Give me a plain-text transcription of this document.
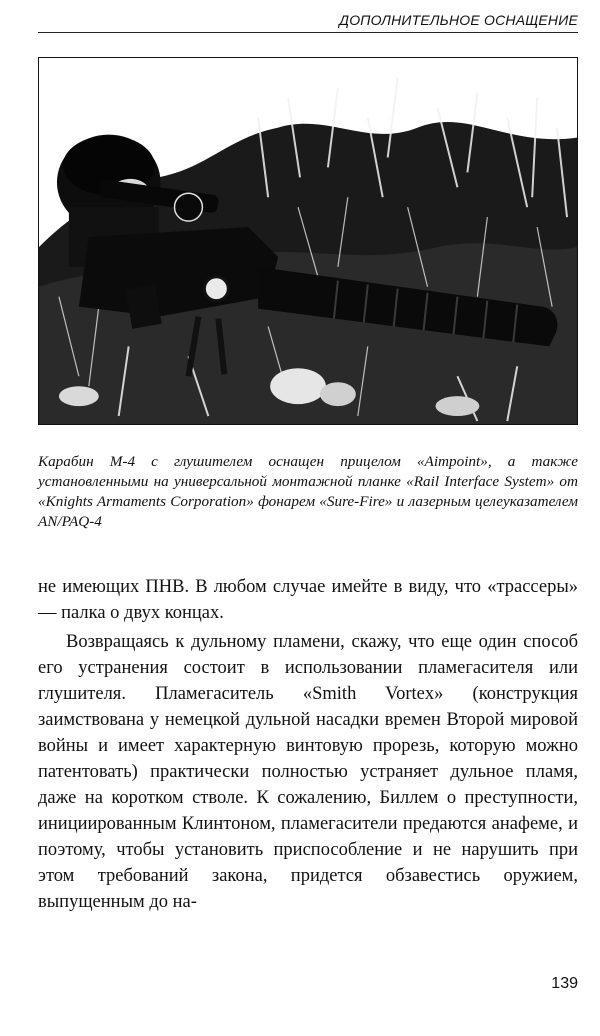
ДОПОЛНИТЕЛЬНОЕ ОСНАЩЕНИЕ
Карабин М-4 с глушителем оснащен прицелом «Aimpoint», а также установленными на универсальной монтажной планке «Rail Interface System» от «Knights Armaments Corporation» фонарем «Sure-Fire» и лазерным целеуказателем AN/PAQ-4

не имеющих ПНВ. В любом случае имейте в виду, что «трассеры» — палка о двух концах.

Возвращаясь к дульному пламени, скажу, что еще один способ его устранения состоит в использовании пламегасителя или глушителя. Пламегаситель «Smith Vortex» (конструкция заимствована у немецкой дульной насадки времен Второй мировой войны и имеет характерную винтовую прорезь, которую можно патентовать) практически полностью устраняет дульное пламя, даже на коротком стволе. К сожалению, Биллем о преступности, инициированным Клинтоном, пламегасители предаются анафеме, и поэтому, чтобы установить приспособление и не нарушить при этом требований закона, придется обзавестись оружием, выпущенным до на-

139
